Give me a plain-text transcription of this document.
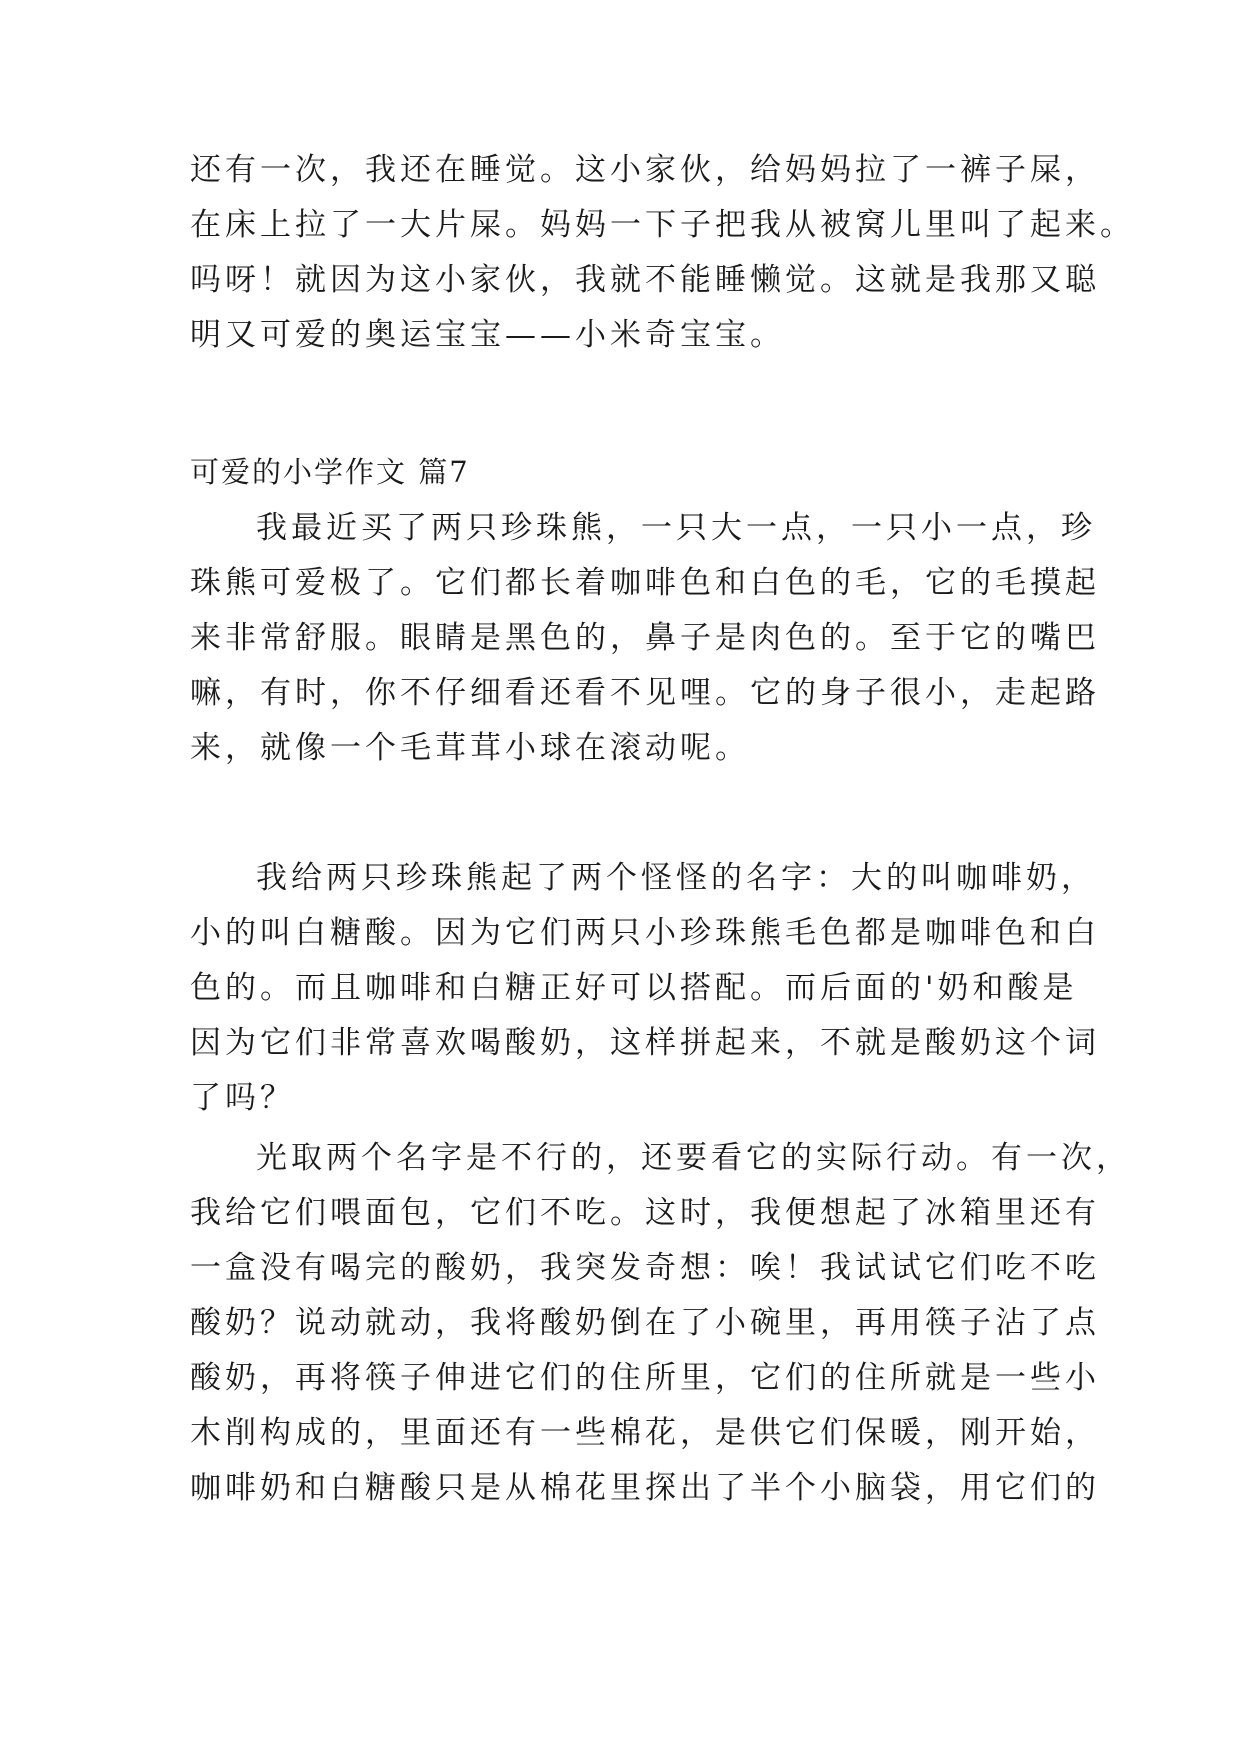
还有一次，我还在睡觉。这小家伙，给妈妈拉了一裤子屎，

在床上拉了一大片屎。妈妈一下子把我从被窝儿里叫了起来。

吗呀！就因为这小家伙，我就不能睡懒觉。这就是我那又聪

明又可爱的奥运宝宝——小米奇宝宝。

可爱的小学作文 篇7

我最近买了两只珍珠熊，一只大一点，一只小一点，珍

珠熊可爱极了。它们都长着咖啡色和白色的毛，它的毛摸起

来非常舒服。眼睛是黑色的，鼻子是肉色的。至于它的嘴巴

嘛，有时，你不仔细看还看不见哩。它的身子很小，走起路

来，就像一个毛茸茸小球在滚动呢。

我给两只珍珠熊起了两个怪怪的名字：大的叫咖啡奶，

小的叫白糖酸。因为它们两只小珍珠熊毛色都是咖啡色和白

色的。而且咖啡和白糖正好可以搭配。而后面的'奶和酸是

因为它们非常喜欢喝酸奶，这样拼起来，不就是酸奶这个词

了吗？

光取两个名字是不行的，还要看它的实际行动。有一次，

我给它们喂面包，它们不吃。这时，我便想起了冰箱里还有

一盒没有喝完的酸奶，我突发奇想：唉！我试试它们吃不吃

酸奶？说动就动，我将酸奶倒在了小碗里，再用筷子沾了点

酸奶，再将筷子伸进它们的住所里，它们的住所就是一些小

木削构成的，里面还有一些棉花，是供它们保暖，刚开始，

咖啡奶和白糖酸只是从棉花里探出了半个小脑袋，用它们的
